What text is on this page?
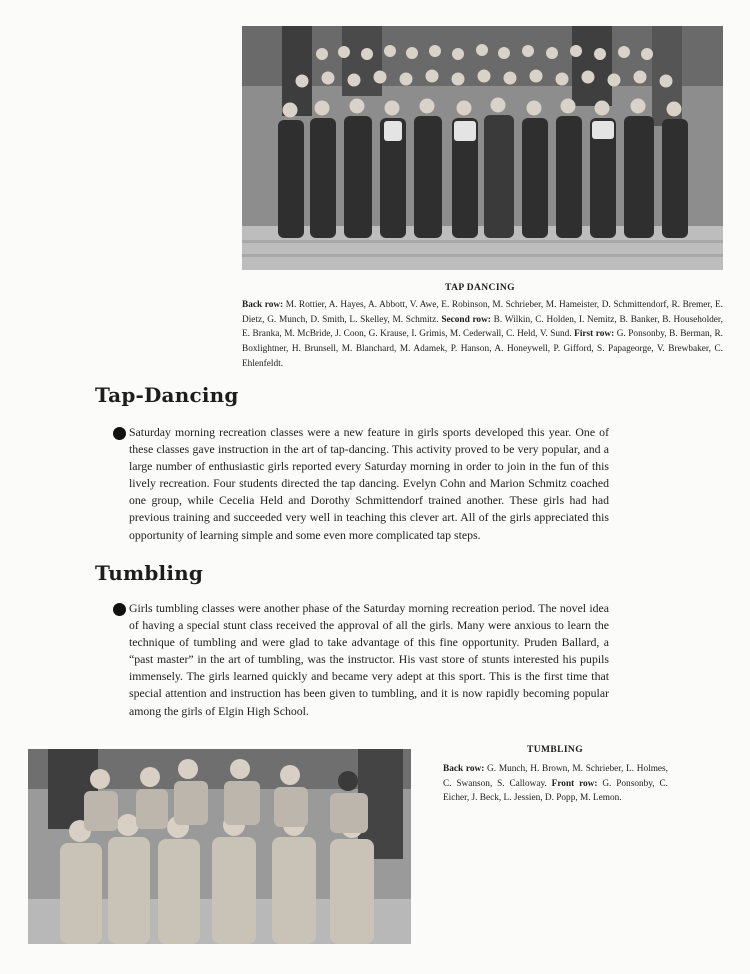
TAP DANCING

Back row: M. Rottier, A. Hayes, A. Abbott, V. Awe, E. Robinson, M. Schrieber, M. Hameister, D. Schmittendorf, R. Bremer, E. Dietz, G. Munch, D. Smith, L. Skelley, M. Schmitz. Second row: B. Wilkin, C. Holden, I. Nemitz, B. Banker, B. Householder, E. Branka, M. McBride, J. Coon, G. Krause, I. Grimis, M. Cederwall, C. Held, V. Sund. First row: G. Ponsonby, B. Berman, R. Boxlightner, H. Brunsell, M. Blanchard, M. Adamek, P. Hanson, A. Honeywell, P. Gifford, S. Papageorge, V. Brewbaker, C. Ehlenfeldt.

Tap-Dancing

Saturday morning recreation classes were a new feature in girls sports developed this year. One of these classes gave instruction in the art of tap-dancing. This activity proved to be very popular, and a large number of enthusiastic girls reported every Saturday morning in order to join in the fun of this lively recreation. Four students directed the tap dancing. Evelyn Cohn and Marion Schmitz coached one group, while Cecelia Held and Dorothy Schmittendorf trained another. These girls had had previous training and succeeded very well in teaching this clever art. All of the girls appreciated this opportunity of learning simple and some even more complicated tap steps.

Tumbling

Girls tumbling classes were another phase of the Saturday morning recreation period. The novel idea of having a special stunt class received the approval of all the girls. Many were anxious to learn the technique of tumbling and were glad to take advantage of this fine opportunity. Pruden Ballard, a “past master” in the art of tumbling, was the instructor. His vast store of stunts interested his pupils immensely. The girls learned quickly and became very adept at this sport. This is the first time that special attention and instruction has been given to tumbling, and it is now rapidly becoming popular among the girls of Elgin High School.

TUMBLING

Back row: G. Munch, H. Brown, M. Schrieber, L. Holmes, C. Swanson, S. Calloway. Front row: G. Ponsonby, C. Eicher, J. Beck, L. Jessien, D. Popp, M. Lemon.
